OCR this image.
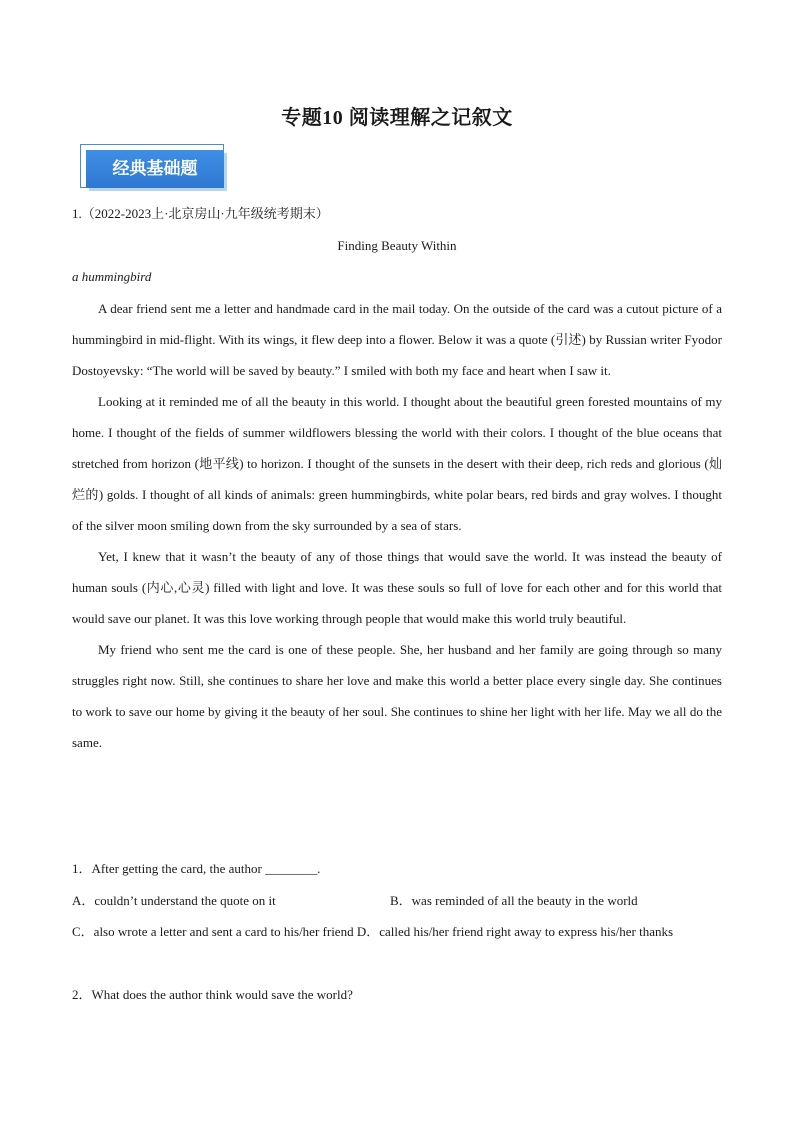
专题10 阅读理解之记叙文
经典基础题
1.（2022-2023上·北京房山·九年级统考期末）
Finding Beauty Within
a hummingbird

A dear friend sent me a letter and handmade card in the mail today. On the outside of the card was a cutout picture of a hummingbird in mid-flight. With its wings, it flew deep into a flower. Below it was a quote (引述) by Russian writer Fyodor Dostoyevsky: “The world will be saved by beauty.” I smiled with both my face and heart when I saw it.

Looking at it reminded me of all the beauty in this world. I thought about the beautiful green forested mountains of my home. I thought of the fields of summer wildflowers blessing the world with their colors. I thought of the blue oceans that stretched from horizon (地平线) to horizon. I thought of the sunsets in the desert with their deep, rich reds and glorious (灿烂的) golds. I thought of all kinds of animals: green hummingbirds, white polar bears, red birds and gray wolves. I thought of the silver moon smiling down from the sky surrounded by a sea of stars.

Yet, I knew that it wasn’t the beauty of any of those things that would save the world. It was instead the beauty of human souls (内心,心灵) filled with light and love. It was these souls so full of love for each other and for this world that would save our planet. It was this love working through people that would make this world truly beautiful.

My friend who sent me the card is one of these people. She, her husband and her family are going through so many struggles right now. Still, she continues to share her love and make this world a better place every single day. She continues to work to save our home by giving it the beauty of her soul. She continues to shine her light with her life. May we all do the same.

1．After getting the card, the author ________.
A．couldn’t understand the quote on it	B．was reminded of all the beauty in the world
C．also wrote a letter and sent a card to his/her friend D．called his/her friend right away to express his/her thanks
2．What does the author think would save the world?
